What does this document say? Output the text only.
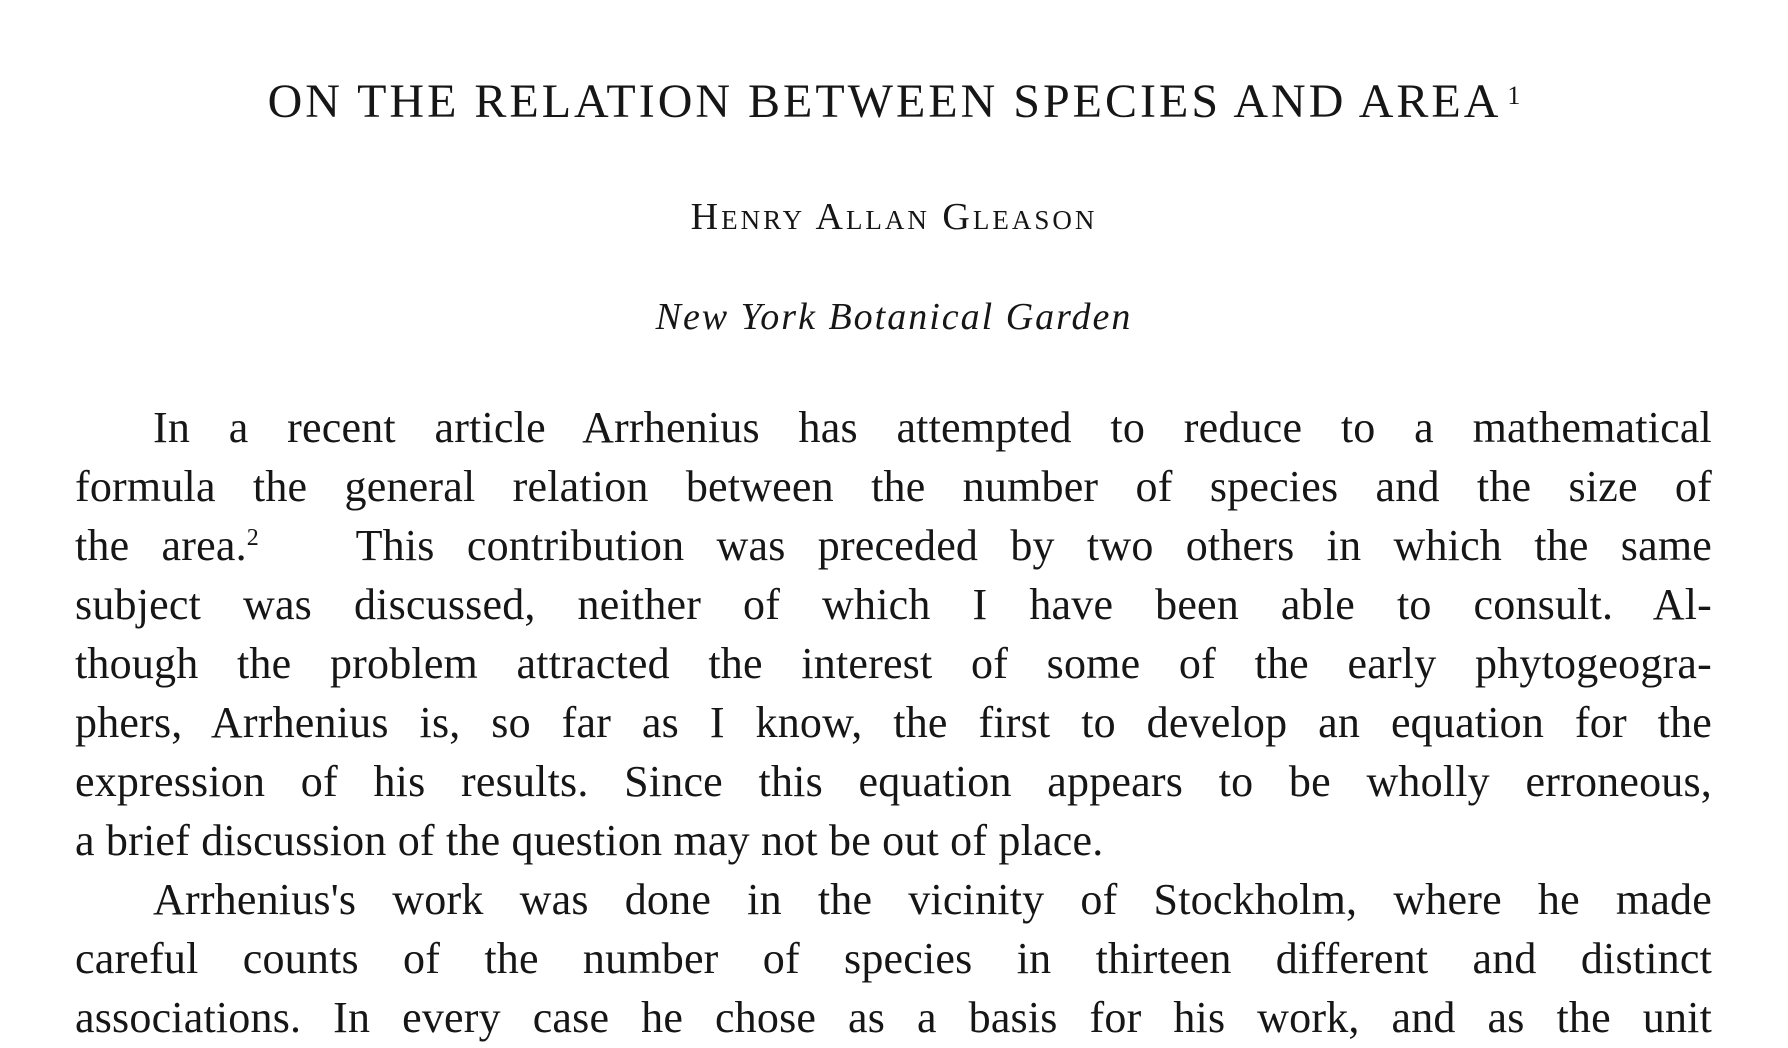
ON THE RELATION BETWEEN SPECIES AND AREA $^1$
Henry Allan Gleason
New York Botanical Garden
In a recent article Arrhenius has attempted to reduce to a mathematical
formula the general relation between the number of species and the size of
the area.$^2$ This contribution was preceded by two others in which the same
subject was discussed, neither of which I have been able to consult. Al-
though the problem attracted the interest of some of the early phytogeogra-
phers, Arrhenius is, so far as I know, the first to develop an equation for the
expression of his results. Since this equation appears to be wholly erroneous,
a brief discussion of the question may not be out of place.
Arrhenius's work was done in the vicinity of Stockholm, where he made
careful counts of the number of species in thirteen different and distinct
associations. In every case he chose as a basis for his work, and as the unit
